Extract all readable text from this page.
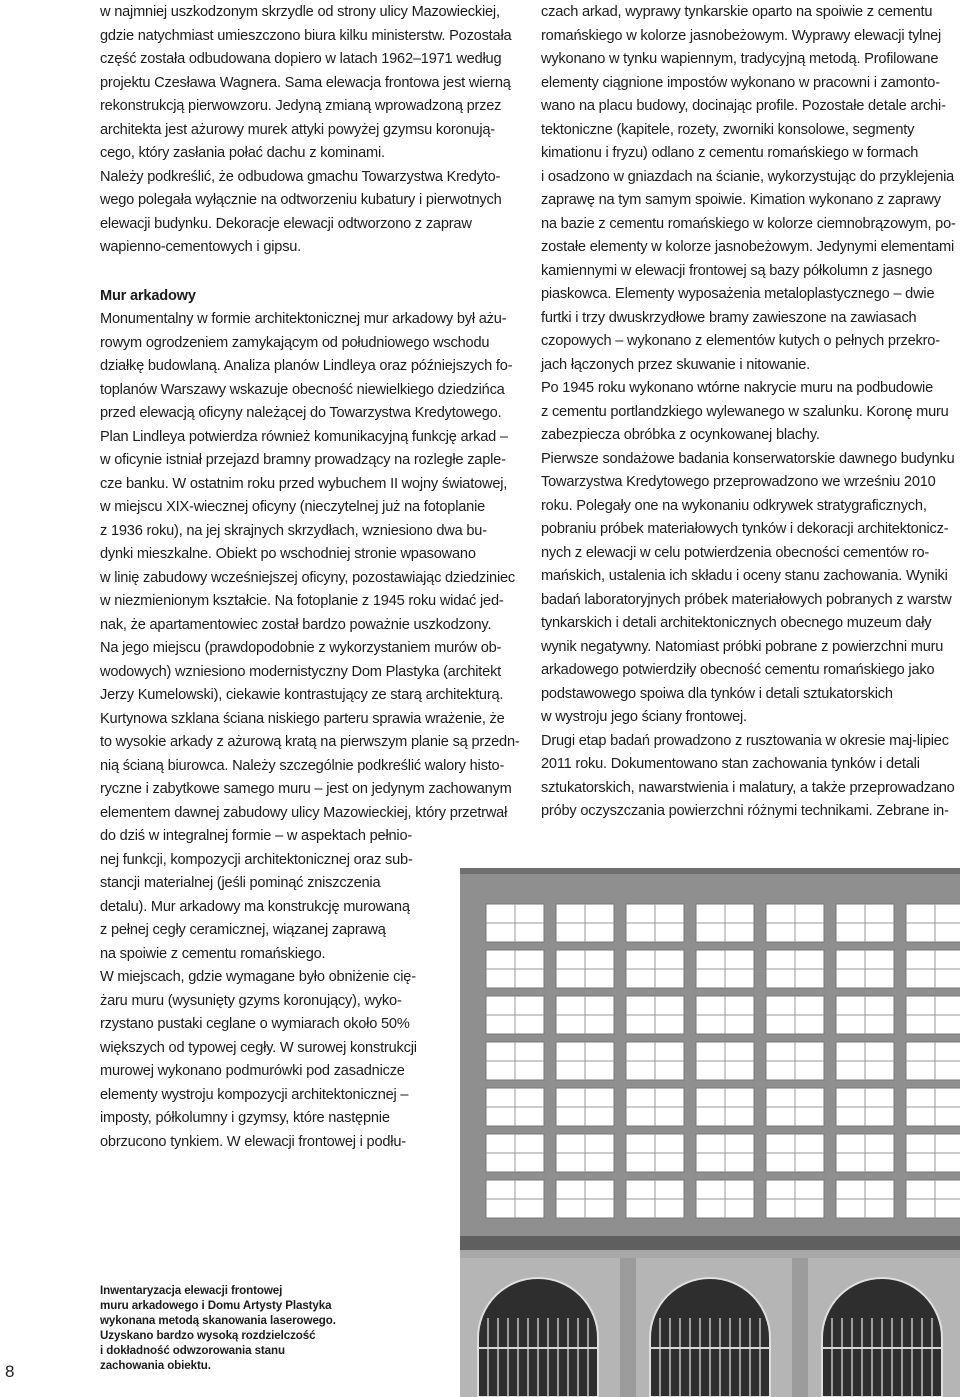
w najmniej uszkodzonym skrzydle od strony ulicy Mazowieckiej,

gdzie natychmiast umieszczono biura kilku ministerstw. Pozostała

część została odbudowana dopiero w latach 1962–1971 według

projektu Czesława Wagnera. Sama elewacja frontowa jest wierną

rekonstrukcją pierwowzoru. Jedyną zmianą wprowadzoną przez

architekta jest ażurowy murek attyki powyżej gzymsu koronują-

cego, który zasłania połać dachu z kominami.

Należy podkreślić, że odbudowa gmachu Towarzystwa Kredyto-

wego polegała wyłącznie na odtworzeniu kubatury i pierwotnych

elewacji budynku. Dekoracje elewacji odtworzono z zapraw

wapienno-cementowych i gipsu.

Mur arkadowy

Monumentalny w formie architektonicznej mur arkadowy był ażu-

rowym ogrodzeniem zamykającym od południowego wschodu

działkę budowlaną. Analiza planów Lindleya oraz późniejszych fo-

toplanów Warszawy wskazuje obecność niewielkiego dziedzińca

przed elewacją oficyny należącej do Towarzystwa Kredytowego.

Plan Lindleya potwierdza również komunikacyjną funkcję arkad –

w oficynie istniał przejazd bramny prowadzący na rozległe zaple-

cze banku. W ostatnim roku przed wybuchem II wojny światowej,

w miejscu XIX-wiecznej oficyny (nieczytelnej już na fotoplanie

z 1936 roku), na jej skrajnych skrzydłach, wzniesiono dwa bu-

dynki mieszkalne. Obiekt po wschodniej stronie wpasowano

w linię zabudowy wcześniejszej oficyny, pozostawiając dziedziniec

w niezmienionym kształcie. Na fotoplanie z 1945 roku widać jed-

nak, że apartamentowiec został bardzo poważnie uszkodzony.

Na jego miejscu (prawdopodobnie z wykorzystaniem murów ob-

wodowych) wzniesiono modernistyczny Dom Plastyka (architekt

Jerzy Kumelowski), ciekawie kontrastujący ze starą architekturą.

Kurtynowa szklana ściana niskiego parteru sprawia wrażenie, że

to wysokie arkady z ażurową kratą na pierwszym planie są przedn-

nią ścianą biurowca. Należy szczególnie podkreślić walory histo-

ryczne i zabytkowe samego muru – jest on jedynym zachowanym

elementem dawnej zabudowy ulicy Mazowieckiej, który przetrwał

do dziś w integralnej formie – w aspektach pełnio-

nej funkcji, kompozycji architektonicznej oraz sub-

stancji materialnej (jeśli pominąć zniszczenia

detalu). Mur arkadowy ma konstrukcję murowaną

z pełnej cegły ceramicznej, wiązanej zaprawą

na spoiwie z cementu romańskiego.

W miejscach, gdzie wymagane było obniżenie cię-

żaru muru (wysunięty gzyms koronujący), wyko-

rzystano pustaki ceglane o wymiarach około 50%

większych od typowej cegły. W surowej konstrukcji

murowej wykonano podmurówki pod zasadnicze

elementy wystroju kompozycji architektonicznej –

imposty, półkolumny i gzymsy, które następnie

obrzucono tynkiem. W elewacji frontowej i podłu-

czach arkad, wyprawy tynkarskie oparto na spoiwie z cementu

romańskiego w kolorze jasnobeżowym. Wyprawy elewacji tylnej

wykonano w tynku wapiennym, tradycyjną metodą. Profilowane

elementy ciągnione impostów wykonano w pracowni i zamonto-

wano na placu budowy, docinając profile. Pozostałe detale archi-

tektoniczne (kapitele, rozety, zworniki konsolowe, segmenty

kimationu i fryzu) odlano z cementu romańskiego w formach

i osadzono w gniazdach na ścianie, wykorzystując do przyklejenia

zaprawę na tym samym spoiwie. Kimation wykonano z zaprawy

na bazie z cementu romańskiego w kolorze ciemnobrązowym, po-

zostałe elementy w kolorze jasnobeżowym. Jedynymi elementami

kamiennymi w elewacji frontowej są bazy półkolumn z jasnego

piaskowca. Elementy wyposażenia metaloplastycznego – dwie

furtki i trzy dwuskrzydłowe bramy zawieszone na zawiasach

czopowych – wykonano z elementów kutych o pełnych przekro-

jach łączonych przez skuwanie i nitowanie.

Po 1945 roku wykonano wtórne nakrycie muru na podbudowie

z cementu portlandzkiego wylewanego w szalunku. Koronę muru

zabezpiecza obróbka z ocynkowanej blachy.

Pierwsze sondażowe badania konserwatorskie dawnego budynku

Towarzystwa Kredytowego przeprowadzono we wrześniu 2010

roku. Polegały one na wykonaniu odkrywek stratygraficznych,

pobraniu próbek materiałowych tynków i dekoracji architektonicz-

nych z elewacji w celu potwierdzenia obecności cementów ro-

mańskich, ustalenia ich składu i oceny stanu zachowania. Wyniki

badań laboratoryjnych próbek materiałowych pobranych z warstw

tynkarskich i detali architektonicznych obecnego muzeum dały

wynik negatywny. Natomiast próbki pobrane z powierzchni muru

arkadowego potwierdziły obecność cementu romańskiego jako

podstawowego spoiwa dla tynków i detali sztukatorskich

w wystroju jego ściany frontowej.

Drugi etap badań prowadzono z rusztowania w okresie maj-lipiec

2011 roku. Dokumentowano stan zachowania tynków i detali

sztukatorskich, nawarstwienia i malatury, a także przeprowadzano

próby oczyszczania powierzchni różnymi technikami. Zebrane in-

Inwentaryzacja elewacji frontowej

muru arkadowego i Domu Artysty Plastyka

wykonana metodą skanowania laserowego.

Uzyskano bardzo wysoką rozdzielczość

i dokładność odwzorowania stanu

zachowania obiektu.

8
